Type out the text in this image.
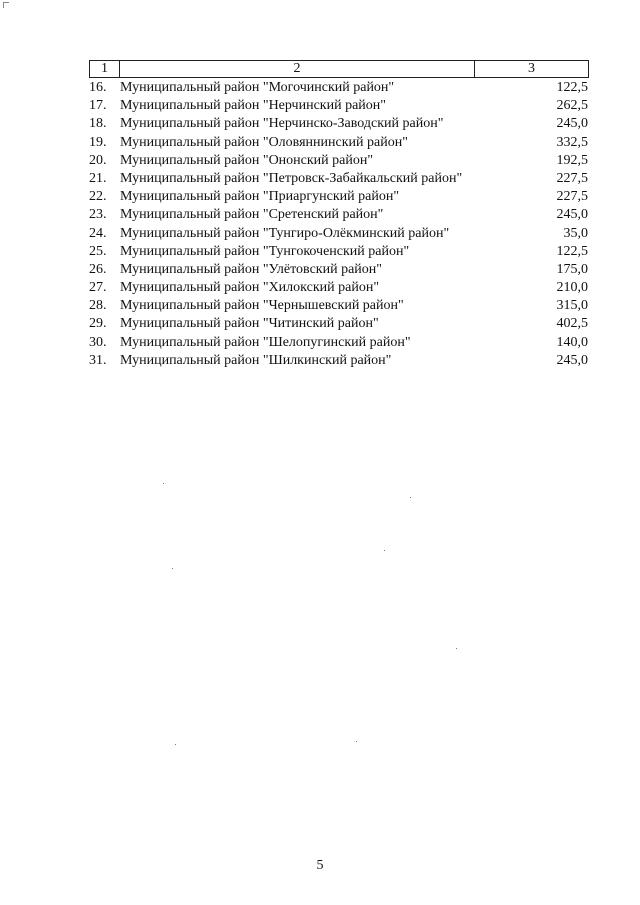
1	2	3
16. Муниципальный район "Могочинский район"	122,5
17. Муниципальный район "Нерчинский район"	262,5
18. Муниципальный район "Нерчинско-Заводский район"	245,0
19. Муниципальный район "Оловяннинский район"	332,5
20. Муниципальный район "Ононский район"	192,5
21. Муниципальный район "Петровск-Забайкальский район"	227,5
22. Муниципальный район "Приаргунский район"	227,5
23. Муниципальный район "Сретенский район"	245,0
24. Муниципальный район "Тунгиро-Олёкминский район"	35,0
25. Муниципальный район "Тунгокоченский район"	122,5
26. Муниципальный район "Улётовский район"	175,0
27. Муниципальный район "Хилокский район"	210,0
28. Муниципальный район "Чернышевский район"	315,0
29. Муниципальный район "Читинский район"	402,5
30. Муниципальный район "Шелопугинский район"	140,0
31. Муниципальный район "Шилкинский район"	245,0
5
